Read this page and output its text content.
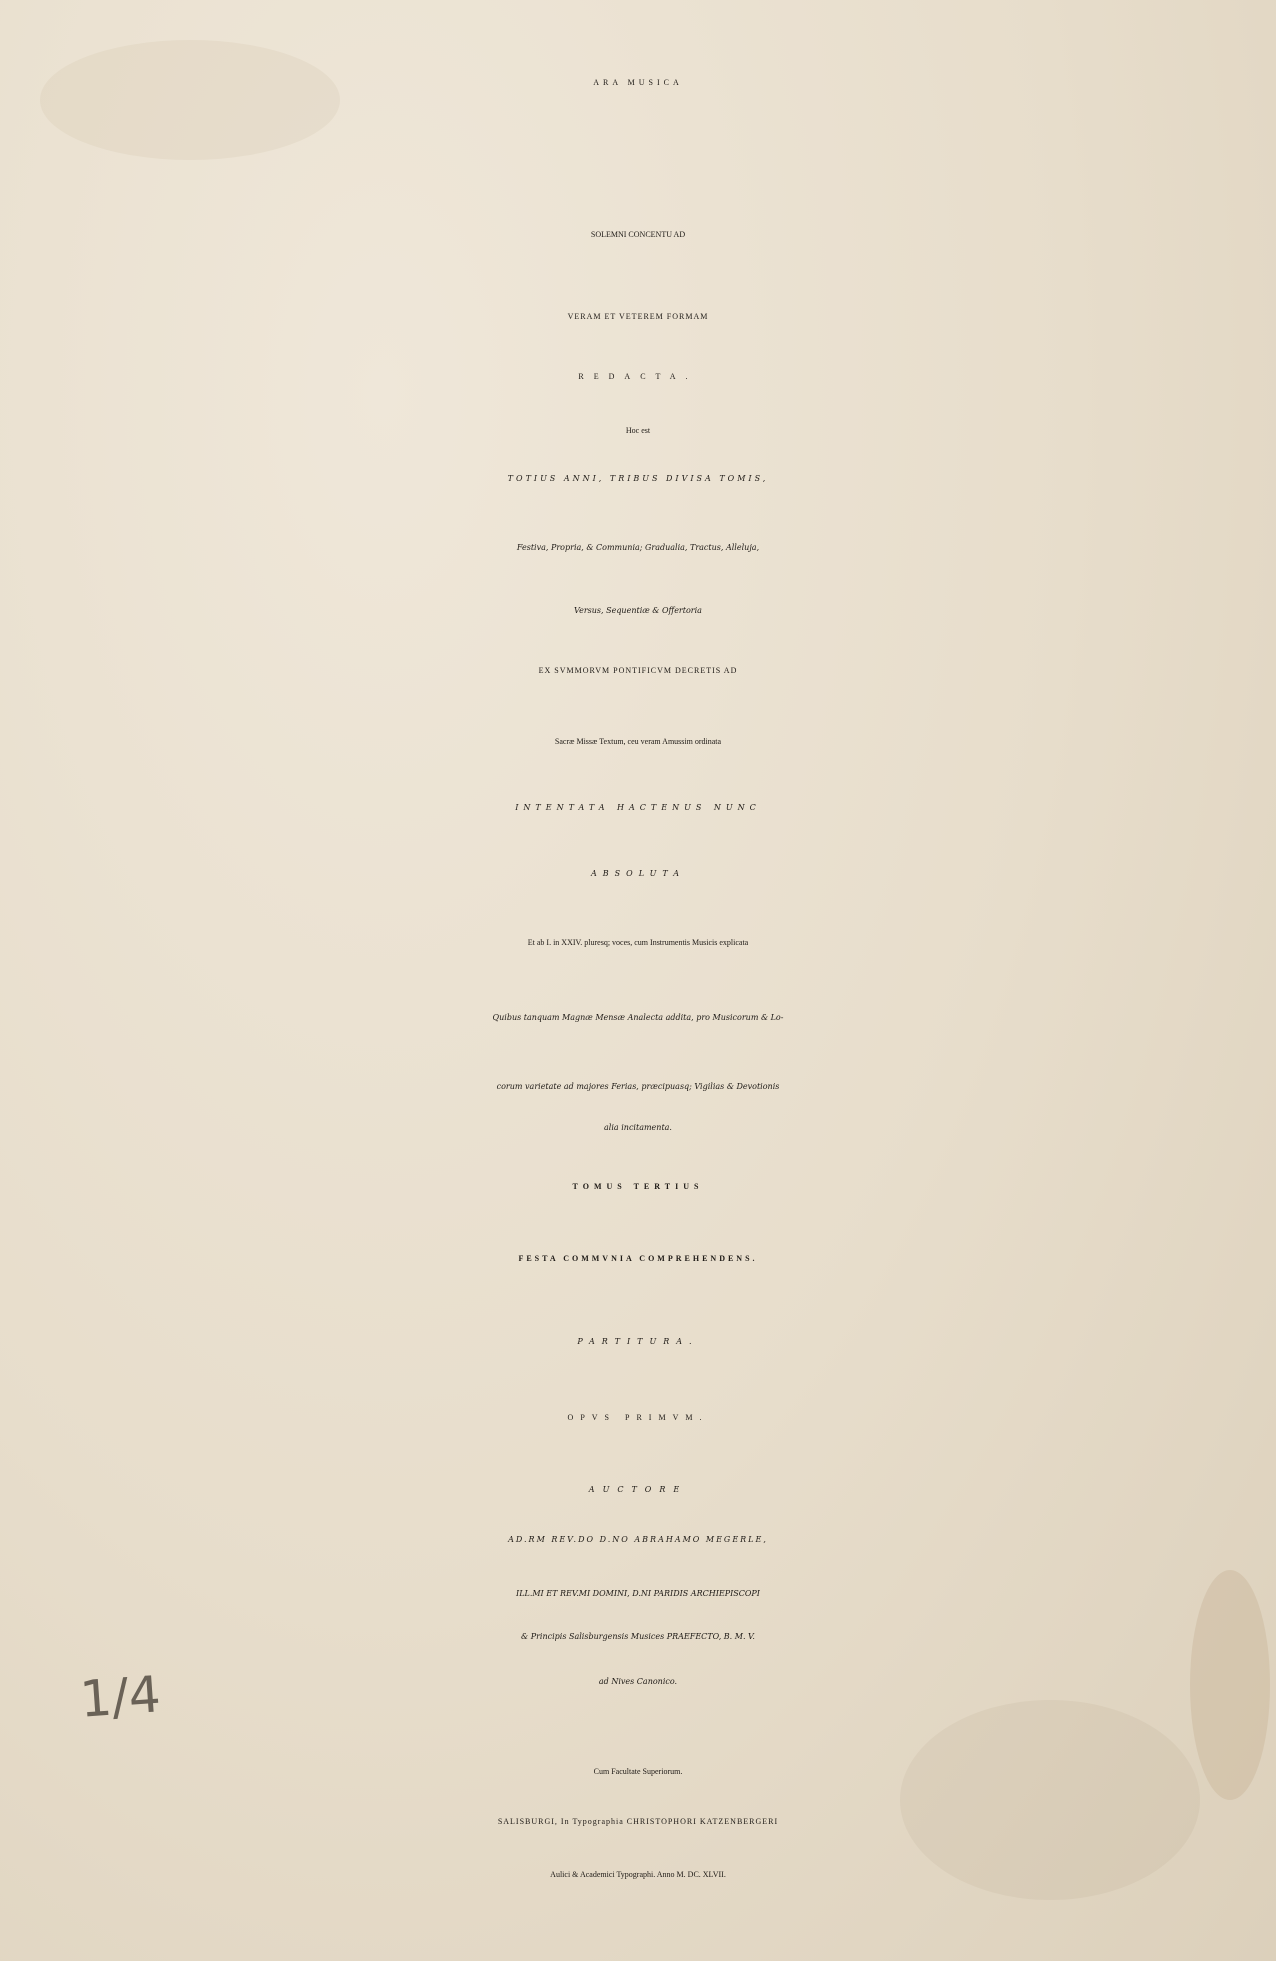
ARA MUSICA

SOLEMNI CONCENTU AD

VERAM ET VETEREM FORMAM

REDACTA.

Hoc est

TOTIUS ANNI, TRIBUS DIVISA TOMIS,

Festiva, Propria, & Communia; Gradualia, Tractus, Alleluja,

Versus, Sequentiæ & Offertoria

EX SVMMORVM PONTIFICVM DECRETIS AD

Sacræ Missæ Textum, ceu veram Amussim ordinata

INTENTATA HACTENUS NUNC

ABSOLUTA

Et ab I. in XXIV. pluresq; voces, cum Instrumentis Musicis explicata

Quibus tanquam Magnæ Mensæ Analecta addita, pro Musicorum & Lo-

corum varietate ad majores Ferias, præcipuasq; Vigilias & Devotionis

alia incitamenta.

TOMUS TERTIUS

FESTA COMMVNIA COMPREHENDENS.

PARTITURA.

OPVS PRIMVM.

AUCTORE

AD.RM REV.DO D.NO ABRAHAMO MEGERLE,

ILL.MI ET REV.MI DOMINI, D.NI PARIDIS ARCHIEPISCOPI

& Principis Salisburgensis Musices PRAEFECTO, B. M. V.

ad Nives Canonico.

Cum Facultate Superiorum.

SALISBURGI, In Typographia CHRISTOPHORI KATZENBERGERI

Aulici & Academici Typographi. Anno M. DC. XLVII.

1/4
